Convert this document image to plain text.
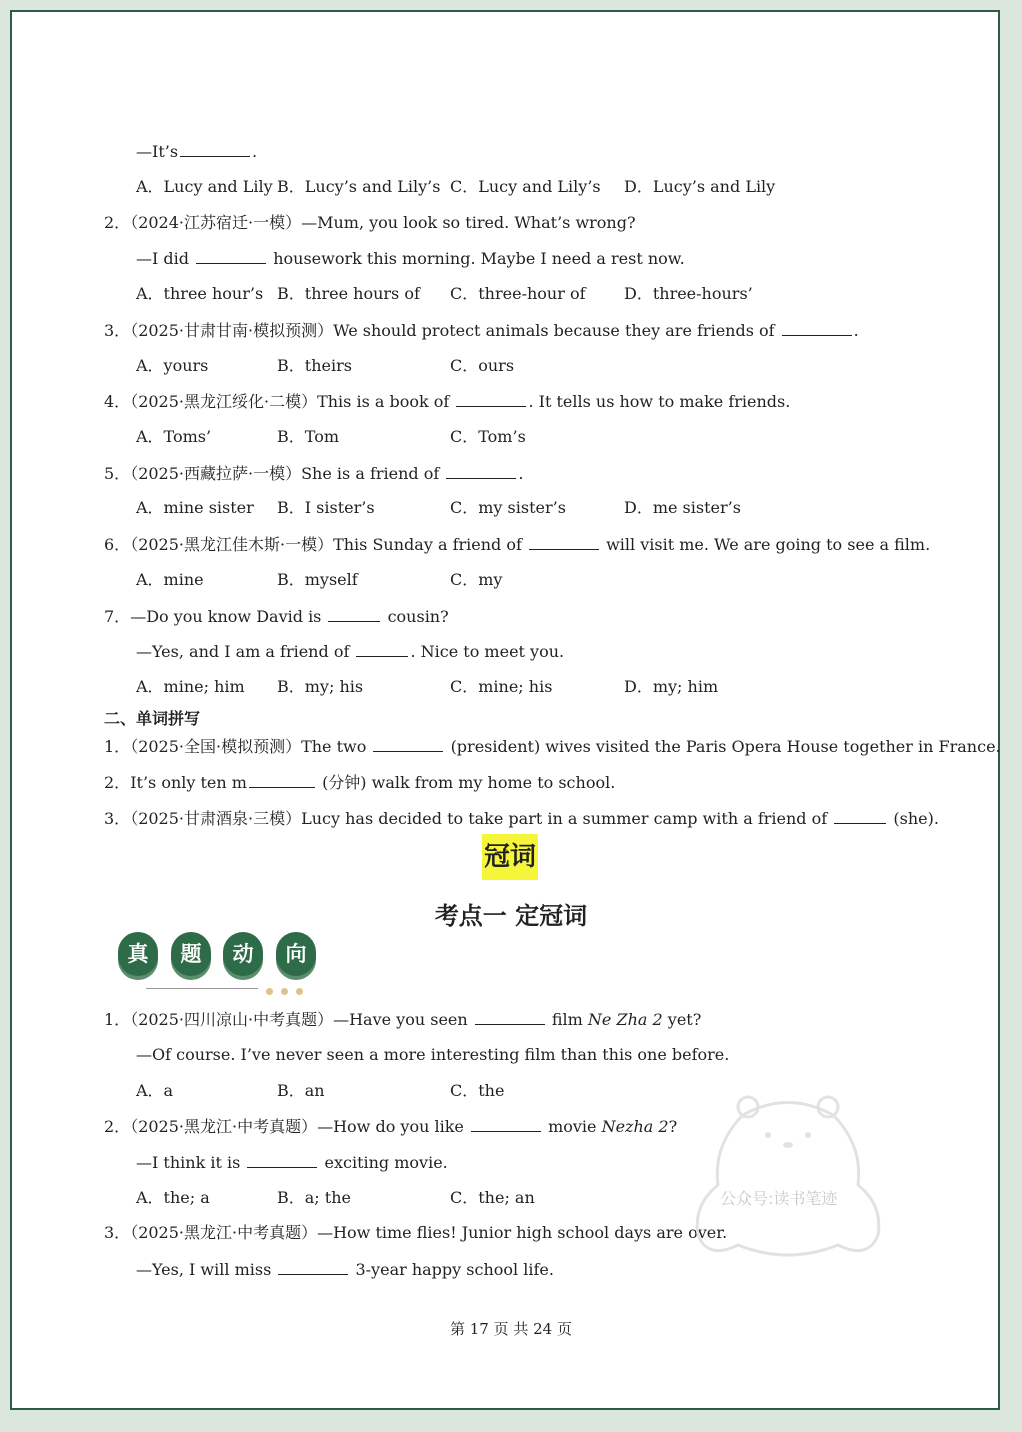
—It’s	.
A．Lucy and Lily B．Lucy’s and Lily’s C．Lucy and Lily’s D．Lucy’s and Lily
2．（2024·江苏宿迁·一模）—Mum, you look so tired. What’s wrong?
—I did	housework this morning. Maybe I need a rest now.
A．three hour’s B．three hours of C．three-hour of D．three-hours’
3．（2025·甘肃甘南·模拟预测）We should protect animals because they are friends of	.
A．yours	B．theirs	C．ours
4．（2025·黑龙江绥化·二模）This is a book of	. It tells us how to make friends.
A．Toms’	B．Tom	C．Tom’s
5．（2025·西藏拉萨·一模）She is a friend of	.
A．mine sister B．I sister’s	C．my sister’s	D．me sister’s
6．（2025·黑龙江佳木斯·一模）This Sunday a friend of	will visit me. We are going to see a film.
A．mine	B．myself	C．my
7．—Do you know David is	cousin?
—Yes, and I am a friend of	. Nice to meet you.
A．mine; him B．my; his	C．mine; his	D．my; him
二、单词拼写
1．（2025·全国·模拟预测）The two	(president) wives visited the Paris Opera House together in France.
2．It’s only ten m	(分钟) walk from my home to school.
3．（2025·甘肃酒泉·三模）Lucy has decided to take part in a summer camp with a friend of	(she).
冠词
考点一 定冠词
真	题	动	向
1．（2025·四川凉山·中考真题）—Have you seen	film Ne Zha 2 yet?
—Of course. I’ve never seen a more interesting film than this one before.
A．a	B．an	C．the
2．（2025·黑龙江·中考真题）—How do you like	movie Nezha 2?
—I think it is	exciting movie.
A．the; a	B．a; the	C．the; an
3．（2025·黑龙江·中考真题）—How time flies! Junior high school days are over.
—Yes, I will miss	3-year happy school life.
公众号:读书笔迹
第 17 页 共 24 页
